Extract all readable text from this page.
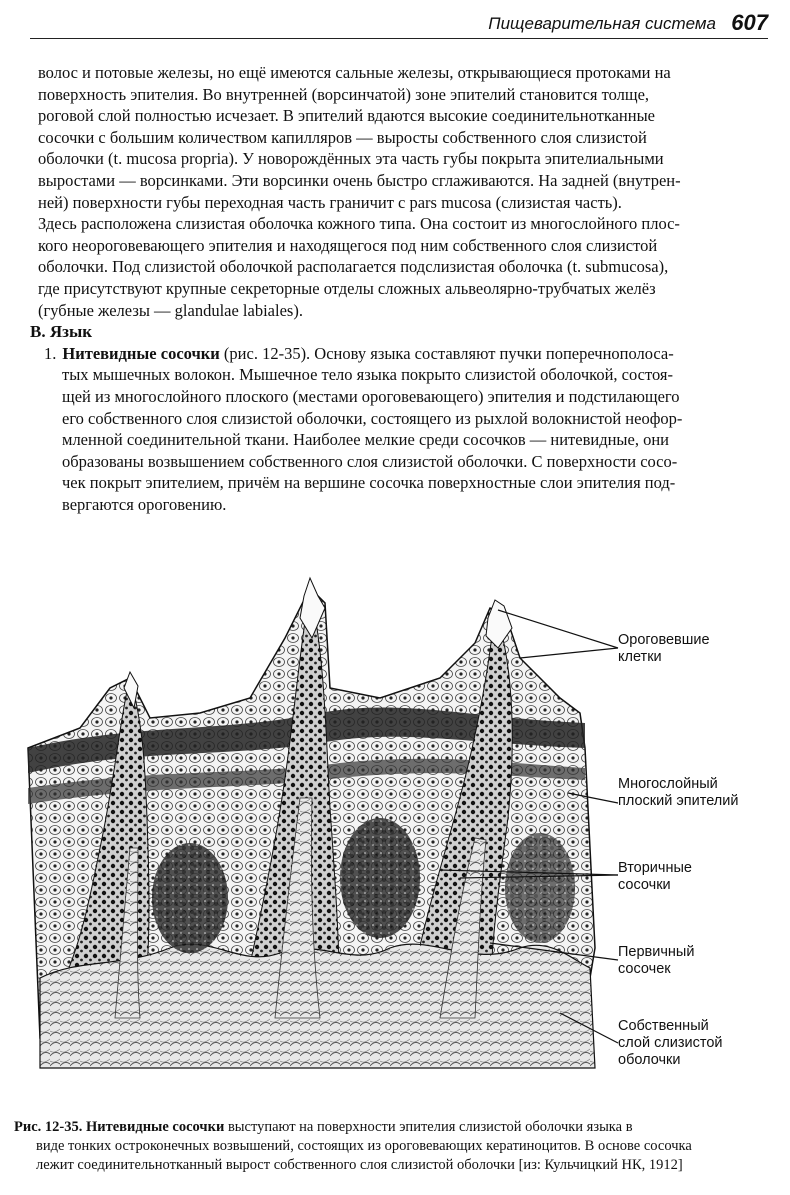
Пищеварительная система 607

волос и потовые железы, но ещё имеются сальные железы, открывающиеся протоками на
поверхность эпителия. Во внутренней (ворсинчатой) зоне эпителий становится толще,
роговой слой полностью исчезает. В эпителий вдаются высокие соединительнотканные
сосочки с большим количеством капилляров — выросты собственного слоя слизистой
оболочки (t. mucosa propria). У новорождённых эта часть губы покрыта эпителиальными
выростами — ворсинками. Эти ворсинки очень быстро сглаживаются. На задней (внутрен-
ней) поверхности губы переходная часть граничит с pars mucosa (слизистая часть).
Здесь расположена слизистая оболочка кожного типа. Она состоит из многослойного плос-
кого неороговевающего эпителия и находящегося под ним собственного слоя слизистой
оболочки. Под слизистой оболочкой располагается подслизистая оболочка (t. submucosa),
где присутствуют крупные секреторные отделы сложных альвеолярно-трубчатых желёз
(губные железы — glandulae labiales).

В. Язык

1. Нитевидные сосочки (рис. 12-35). Основу языка составляют пучки поперечнополоса-
тых мышечных волокон. Мышечное тело языка покрыто слизистой оболочкой, состоя-
щей из многослойного плоского (местами ороговевающего) эпителия и подстилающего
его собственного слоя слизистой оболочки, состоящего из рыхлой волокнистой неофор-
мленной соединительной ткани. Наиболее мелкие среди сосочков — нитевидные, они
образованы возвышением собственного слоя слизистой оболочки. С поверхности сосо-
чек покрыт эпителием, причём на вершине сосочка поверхностные слои эпителия под-
вергаются ороговению.

Ороговевшие
клетки
Многослойный
плоский эпителий
Вторичные
сосочки
Первичный
сосочек
Собственный
слой слизистой
оболочки
Рис. 12-35. Нитевидные сосочки выступают на поверхности эпителия слизистой оболочки языка в
виде тонких остроконечных возвышений, состоящих из ороговевающих кератиноцитов. В основе сосочка
лежит соединительнотканный вырост собственного слоя слизистой оболочки [из: Кульчицкий НК, 1912]
